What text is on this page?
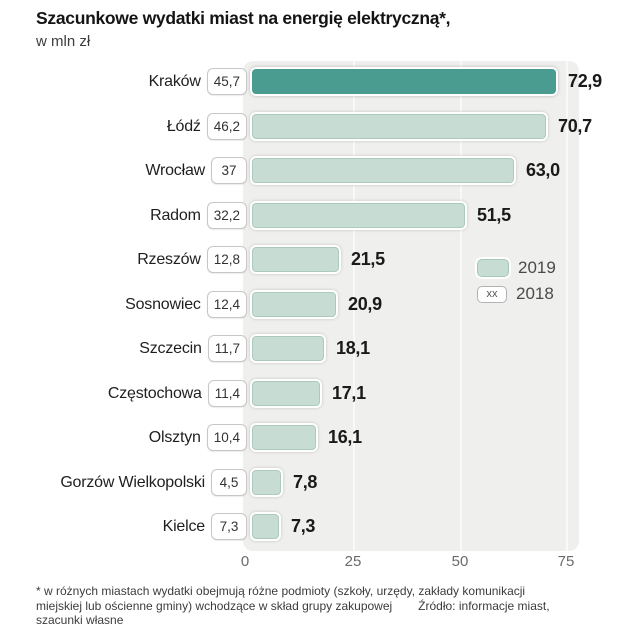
Szacunkowe wydatki miast na energię elektryczną*,
w mln zł
Kraków 45,7	72,9
Łódź 46,2	70,7
Wrocław	37	63,0
Radom 32,2	51,5
Rzeszów 12,8	21,5
Sosnowiec 12,4	20,9
Szczecin 11,7	18,1
Częstochowa 11,4	17,1
Olsztyn 10,4	16,1
Gorzów Wielkopolski	4,5	7,8
Kielce	7,3	7,3
2019
xx	2018
0	25	50	75
* w różnych miastach wydatki obejmują różne podmioty (szkoły, urzędy, zakłady komunikacji
miejskiej lub ościenne gminy) wchodzące w skład grupy zakupowej Źródło: informacje miast,
szacunki własne
